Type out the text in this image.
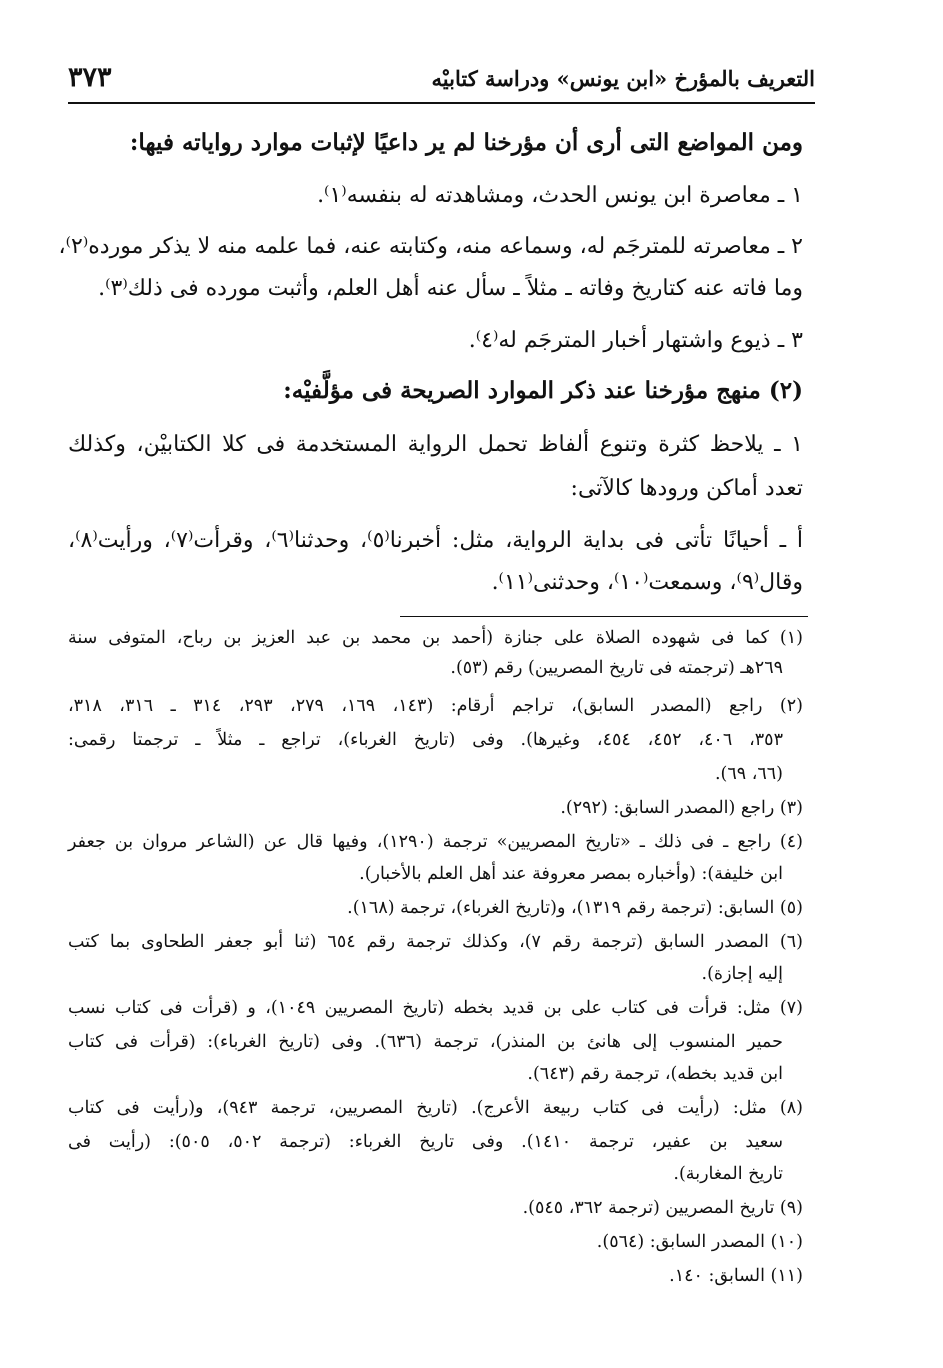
التعريف بالمؤرخ «ابن يونس» ودراسة كتابيْه
٣٧٣
ومن المواضع التى أرى أن مؤرخنا لم ير داعيًا لإثبات موارد رواياته فيها:
١ ـ معاصرة ابن يونس الحدث، ومشاهدته له بنفسه⁽١⁾.
٢ ـ معاصرته للمترجَم له، وسماعه منه، وكتابته عنه، فما علمه منه لا يذكر مورده⁽٢⁾،
وما فاته عنه كتاريخ وفاته ـ مثلاً ـ سأل عنه أهل العلم، وأثبت مورده فى ذلك⁽٣⁾.
٣ ـ ذيوع واشتهار أخبار المترجَم له⁽٤⁾.
(٢) منهج مؤرخنا عند ذكر الموارد الصريحة فى مؤلَّفيْه:
١ ـ يلاحظ كثرة وتنوع ألفاظ تحمل الرواية المستخدمة فى كلا الكتابيْن، وكذلك
تعدد أماكن ورودها كالآتى:
أ ـ أحيانًا تأتى فى بداية الرواية، مثل: أخبرنا⁽٥⁾، وحدثنا⁽٦⁾، وقرأت⁽٧⁾، ورأيت⁽٨⁾،
وقال⁽٩⁾، وسمعت⁽١٠⁾، وحدثنى⁽١١⁾.
(١) كما فى شهوده الصلاة على جنازة (أحمد بن محمد بن عبد العزيز بن رباح، المتوفى سنة
٢٦٩هـ (ترجمته فى تاريخ المصريين) رقم (٥٣).
(٢) راجع (المصدر السابق)، تراجم أرقام: (١٤٣، ١٦٩، ٢٧٩، ٢٩٣، ٣١٤ ـ ٣١٦، ٣١٨،
٣٥٣، ٤٠٦، ٤٥٢، ٤٥٤، وغيرها). وفى (تاريخ الغرباء)، تراجع ـ مثلاً ـ ترجمتا رقمى:
(٦٦، ٦٩).
(٣) راجع (المصدر السابق: (٢٩٢).
(٤) راجع ـ فى ذلك ـ «تاريخ المصريين» ترجمة (١٢٩٠)، وفيها قال عن (الشاعر مروان بن جعفر
ابن خليفة): (وأخباره بمصر معروفة عند أهل العلم بالأخبار).
(٥) السابق: (ترجمة رقم ١٣١٩)، و(تاريخ الغرباء)، ترجمة (١٦٨).
(٦) المصدر السابق (ترجمة رقم ٧)، وكذلك ترجمة رقم ٦٥٤ (ثنا أبو جعفر الطحاوى بما كتب
إليه إجازة).
(٧) مثل: قرأت فى كتاب على بن قديد بخطه (تاريخ المصريين ١٠٤٩)، و (قرأت فى كتاب نسب
حمير المنسوب إلى هانئ بن المنذر)، ترجمة (٦٣٦). وفى (تاريخ الغرباء): (قرأت فى كتاب
ابن قديد بخطه)، ترجمة رقم (٦٤٣).
(٨) مثل: (رأيت فى كتاب ربيعة الأعرج). (تاريخ المصريين، ترجمة ٩٤٣)، و(رأيت فى كتاب
سعيد بن عفير، ترجمة ١٤١٠). وفى تاريخ الغرباء: (ترجمة ٥٠٢، ٥٠٥): (رأيت فى
تاريخ المغاربة).
(٩) تاريخ المصريين (ترجمة ٣٦٢، ٥٤٥).
(١٠) المصدر السابق: (٥٦٤).
(١١) السابق: ١٤٠.
